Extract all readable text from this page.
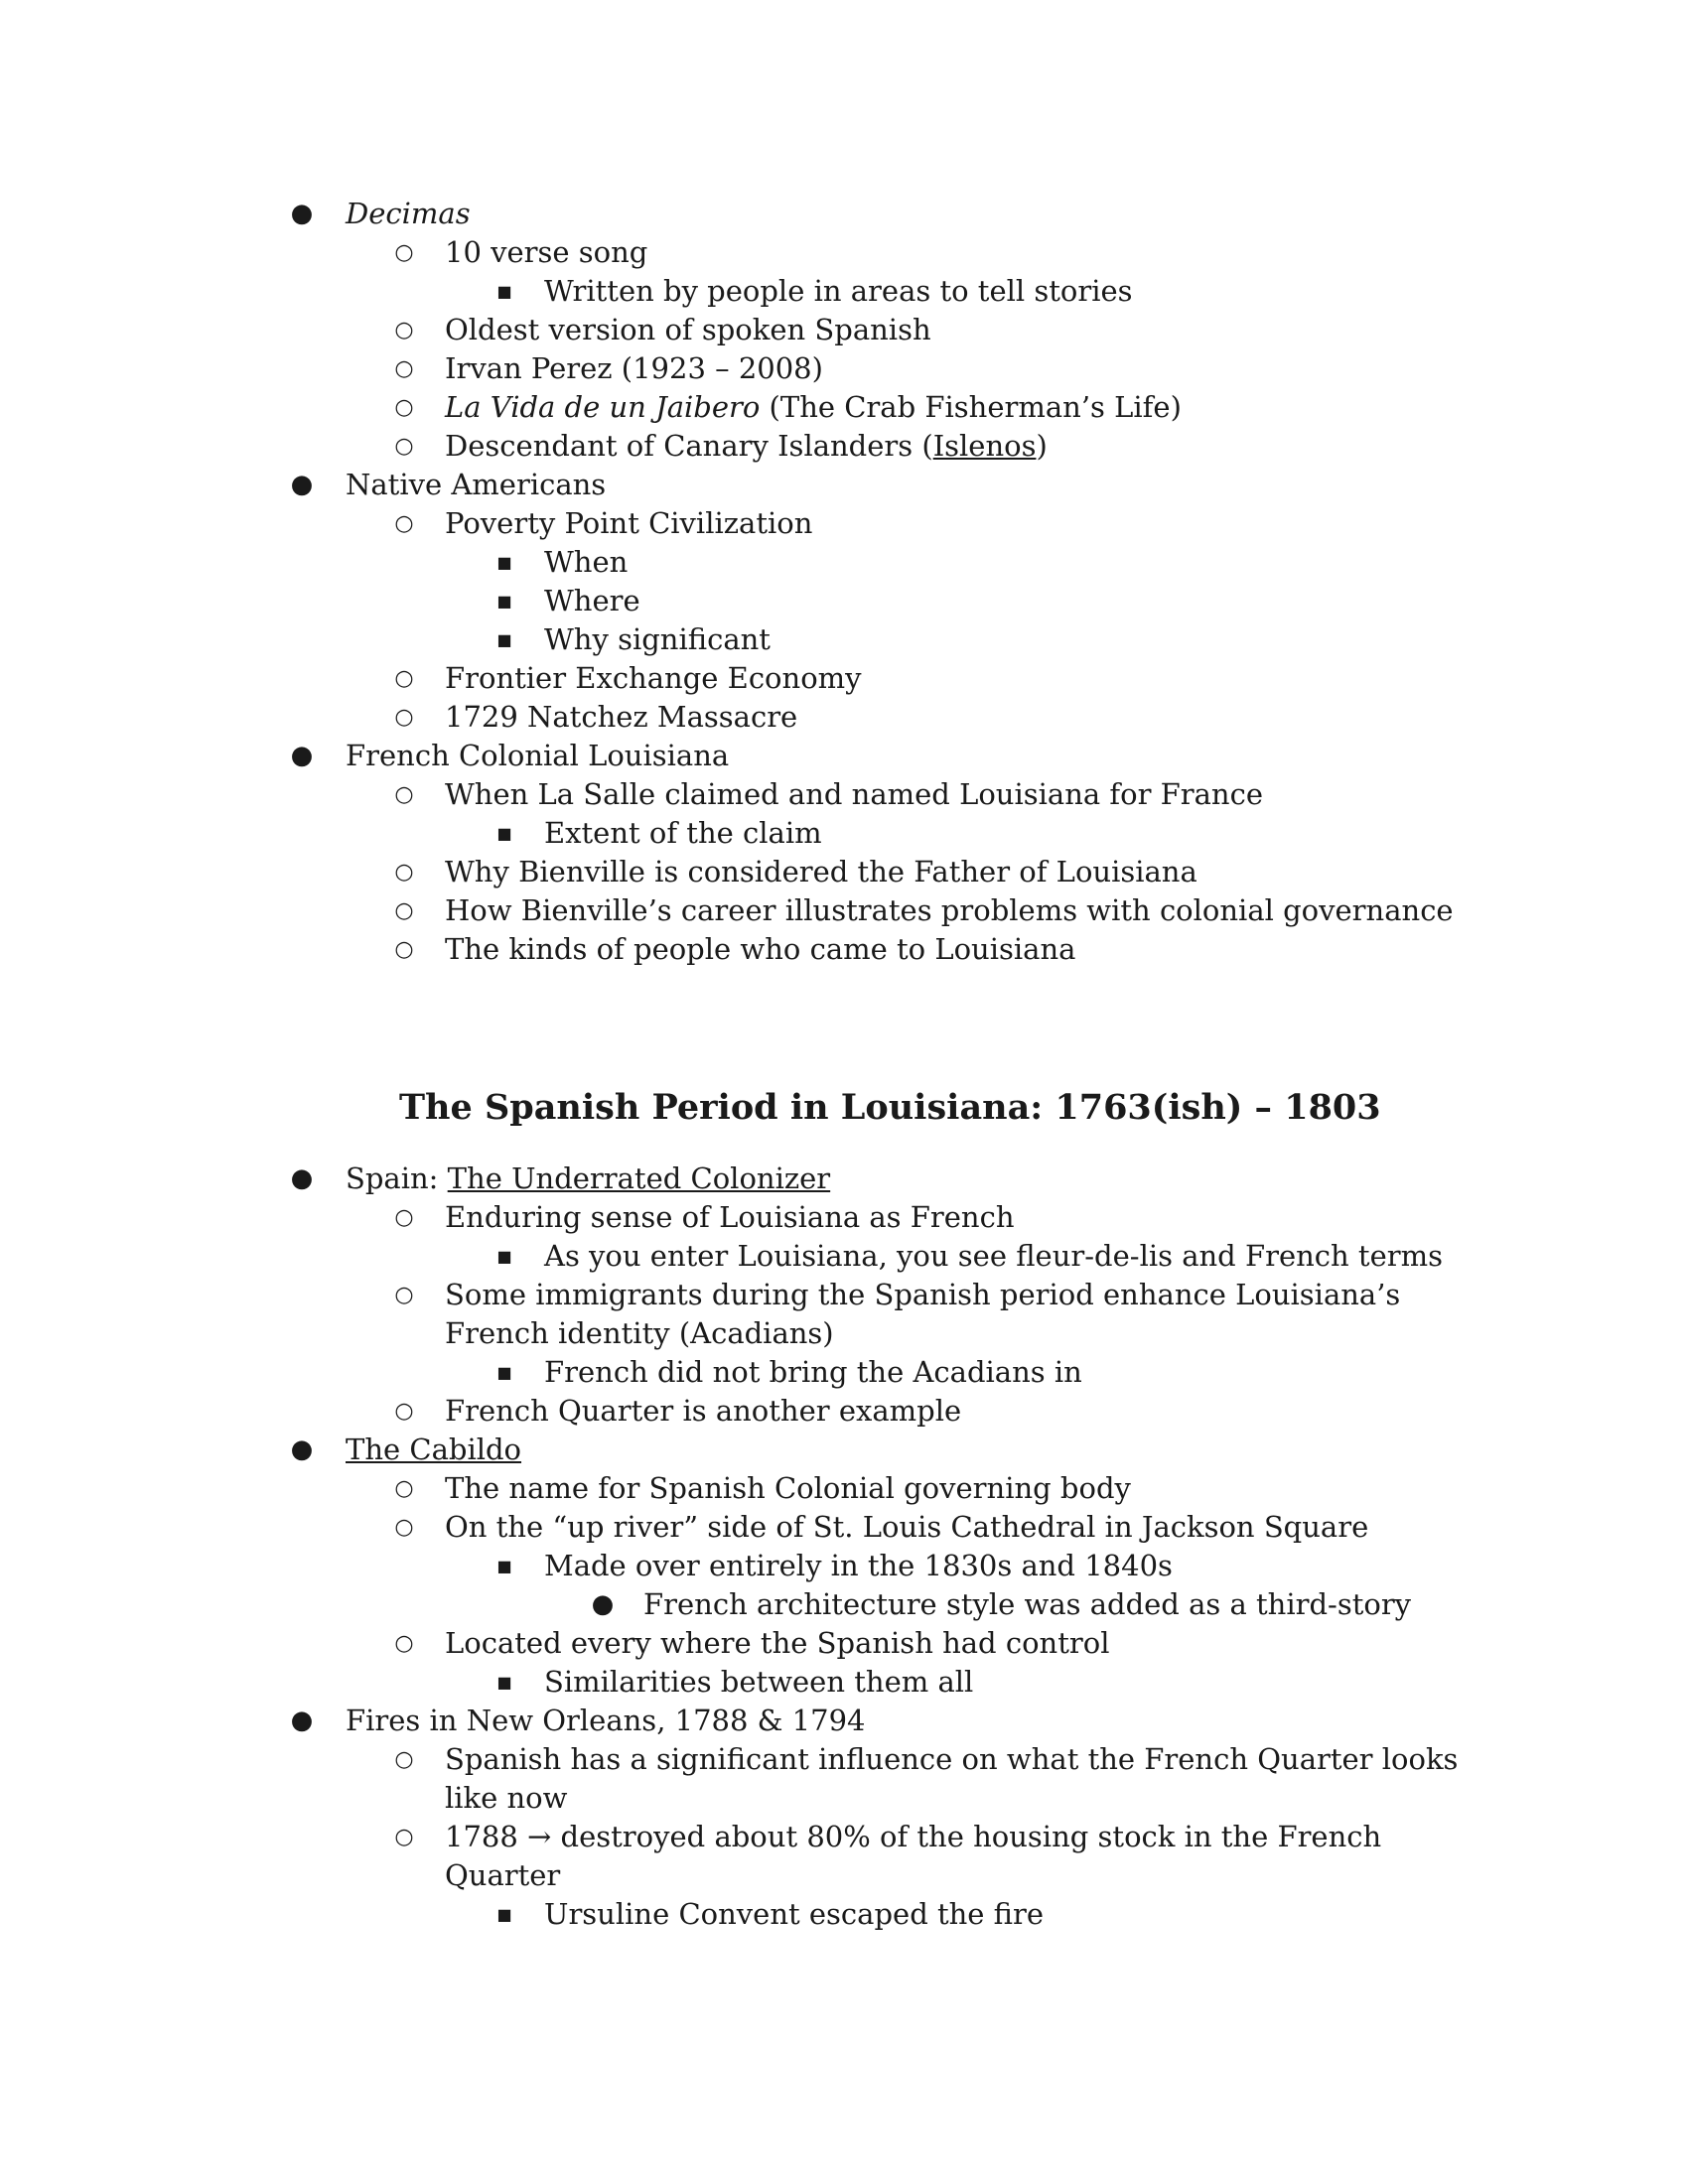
● Decimas
○ 10 verse song
■ Written by people in areas to tell stories
○ Oldest version of spoken Spanish
○ Irvan Perez (1923 – 2008)
○ La Vida de un Jaibero (The Crab Fisherman’s Life)
○ Descendant of Canary Islanders (Islenos)
● Native Americans
○ Poverty Point Civilization
■ When
■ Where
■ Why significant
○ Frontier Exchange Economy
○ 1729 Natchez Massacre
● French Colonial Louisiana
○ When La Salle claimed and named Louisiana for France
■ Extent of the claim
○ Why Bienville is considered the Father of Louisiana
○ How Bienville’s career illustrates problems with colonial governance
○ The kinds of people who came to Louisiana
The Spanish Period in Louisiana: 1763(ish) – 1803
● Spain: The Underrated Colonizer
○ Enduring sense of Louisiana as French
■ As you enter Louisiana, you see fleur-de-lis and French terms
○ Some immigrants during the Spanish period enhance Louisiana’s
French identity (Acadians)
■ French did not bring the Acadians in
○ French Quarter is another example
● The Cabildo
○ The name for Spanish Colonial governing body
○ On the “up river” side of St. Louis Cathedral in Jackson Square
■ Made over entirely in the 1830s and 1840s
● French architecture style was added as a third-story
○ Located every where the Spanish had control
■ Similarities between them all
● Fires in New Orleans, 1788 & 1794
○ Spanish has a significant influence on what the French Quarter looks
like now
○ 1788 → destroyed about 80% of the housing stock in the French
Quarter
■ Ursuline Convent escaped the fire
